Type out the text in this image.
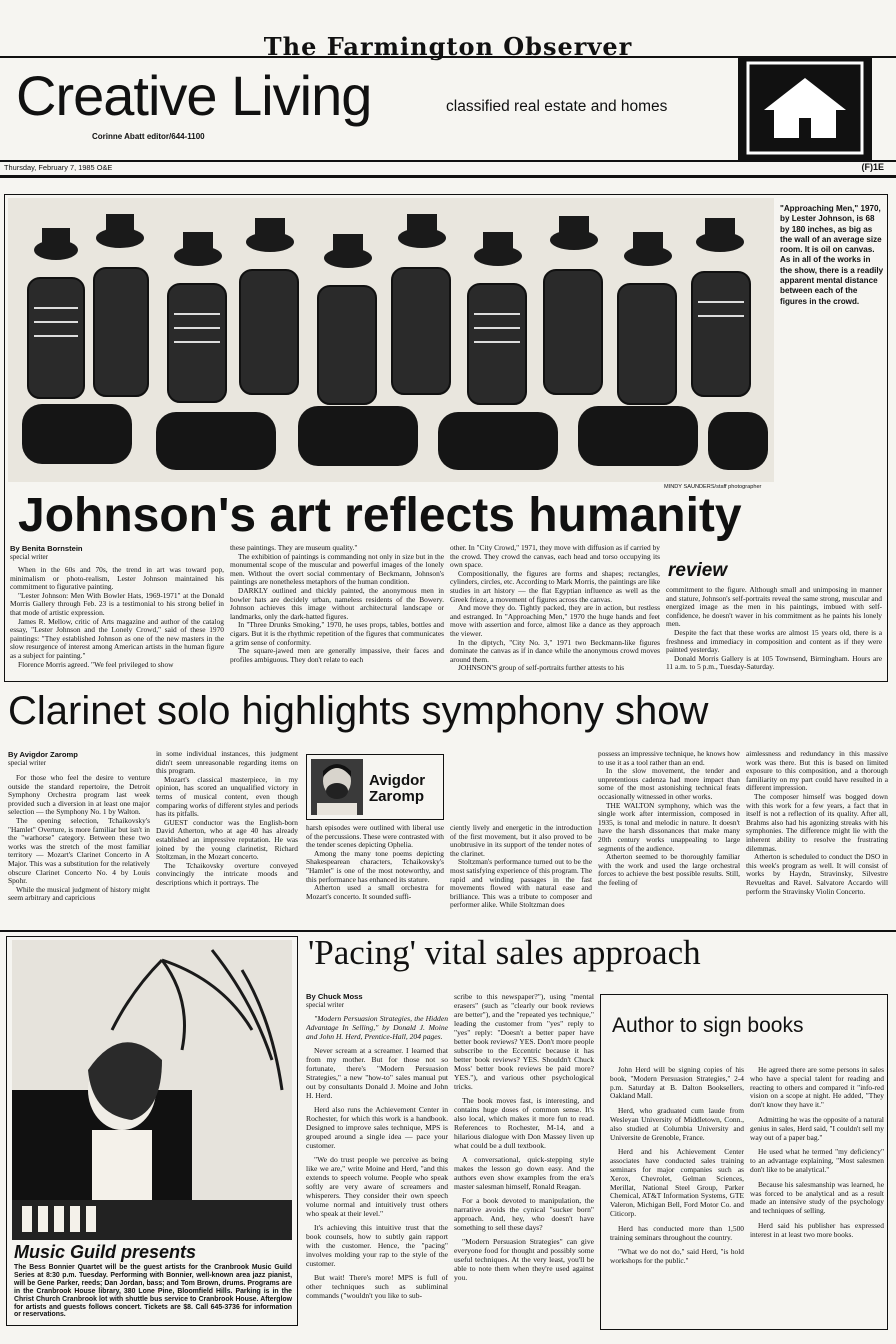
The Farmington Observer
Creative Living	classified real estate and homes
Corinne Abatt editor/644-1100
Thursday, February 7, 1985 O&E	(F)1E
"Approaching Men," 1970, by Lester Johnson, is 68 by 180 inches, as big as the wall of an average size room. It is oil on canvas. As in all of the works in the show, there is a readily apparent mental distance between each of the figures in the crowd.
MINDY SAUNDERS/staff photographer
Johnson's art reflects humanity
By Benita Bornstein
special writer

When in the 60s and 70s, the trend in art was toward pop, minimalism or photo-realism, Lester Johnson maintained his commitment to figurative painting.

"Lester Johnson: Men With Bowler Hats, 1969-1971" at the Donald Morris Gallery through Feb. 23 is a testimonial to his strong belief in that mode of artistic expression.

James R. Mellow, critic of Arts magazine and author of the catalog essay, "Lester Johnson and the Lonely Crowd," said of these 1970 paintings: "They established Johnson as one of the new masters in the slow resurgence of interest among American artists in the human figure as a subject for painting."

Florence Morris agreed. "We feel privileged to show

these paintings. They are museum quality."

The exhibition of paintings is commanding not only in size but in the monumental scope of the muscular and powerful images of the lonely men. Without the overt social commentary of Beckmann, Johnson's paintings are nonetheless metaphors of the human condition.

DARKLY outlined and thickly painted, the anonymous men in bowler hats are decidely urban, nameless residents of the Bowery. Johnson achieves this image without architectural landscape or landmarks, only the dark-hatted figures.

In "Three Drunks Smoking," 1970, he uses props, tables, bottles and cigars. But it is the rhythmic repetition of the figures that communicates a grim sense of conformity.

The square-jawed men are generally impassive, their faces and profiles ambiguous. They don't relate to each

other. In "City Crowd," 1971, they move with diffusion as if carried by the crowd. They crowd the canvas, each head and torso occupying its own space.

Compositionally, the figures are forms and shapes; rectangles, cylinders, circles, etc. According to Mark Morris, the paintings are like studies in art history — the flat Egyptian influence as well as the Greek frieze, a movement of figures across the canvas.

And move they do. Tightly packed, they are in action, but restless and estranged. In "Approaching Men," 1970 the huge hands and feet move with assertion and force, almost like a dance as they approach the viewer.

In the diptych, "City No. 3," 1971 two Beckmann-like figures dominate the canvas as if in dance while the anonymous crowd moves around them.

JOHNSON'S group of self-portraits further attests to his

review

commitment to the figure. Although small and unimposing in manner and stature, Johnson's self-portraits reveal the same strong, muscular and energized image as the men in his paintings, imbued with self-confidence, he doesn't waver in his commitment as he paints his lonely men.

Despite the fact that these works are almost 15 years old, there is a freshness and immediacy in composition and content as if they were painted yesterday.

Donald Morris Gallery is at 105 Townsend, Birmingham. Hours are 11 a.m. to 5 p.m., Tuesday-Saturday.

Clarinet solo highlights symphony show
By Avigdor Zaromp
special writer

For those who feel the desire to venture outside the standard repertoire, the Detroit Symphony Orchestra program last week provided such a diversion in at least one major selection — the Symphony No. 1 by Walton.

The opening selection, Tchaikovsky's "Hamlet" Overture, is more familiar but isn't in the "warhorse" category. Between these two works was the stretch of the most familiar territory — Mozart's Clarinet Concerto in A Major. This was a substitution for the relatively obscure Clarinet Concerto No. 4 by Louis Spohr.

While the musical judgment of history might seem arbitrary and capricious

in some individual instances, this judgment didn't seem unreasonable regarding items on this program.

Mozart's classical masterpiece, in my opinion, has scored an unqualified victory in terms of musical content, even though comparing works of different styles and periods has its pitfalls.

GUEST conductor was the English-born David Atherton, who at age 40 has already established an impressive reputation. He was joined by the young clarinetist, Richard Stoltzman, in the Mozart concerto.

The Tchaikovsky overture conveyed convincingly the intricate moods and descriptions which it portrays. The

Avigdor Zaromp

harsh episodes were outlined with liberal use of the percussions. These were contrasted with the tender scenes depicting Ophelia.

Among the many tone poems depicting Shakespearean characters, Tchaikovsky's "Hamlet" is one of the most noteworthy, and this performance has enhanced its stature.

Atherton used a small orchestra for Mozart's concerto. It sounded suffi-

ciently lively and energetic in the introduction of the first movement, but it also proved to be unobtrusive in its support of the tender notes of the clarinet.

Stoltzman's performance turned out to be the most satisfying experience of this program. The rapid and winding passages in the fast movements flowed with natural ease and brilliance. This was a tribute to composer and performer alike. While Stoltzman does

possess an impressive technique, he knows how to use it as a tool rather than an end.

In the slow movement, the tender and unpretentious cadenza had more impact than some of the most astonishing technical feats occasionally witnessed in other works.

THE WALTON symphony, which was the single work after intermission, composed in 1935, is tonal and melodic in nature. It doesn't have the harsh dissonances that make many 20th century works unappealing to large segments of the audience.

Atherton seemed to be thoroughly familiar with the work and used the large orchestral forces to achieve the best possible results. Still, the feeling of

aimlessness and redundancy in this massive work was there. But this is based on limited exposure to this composition, and a thorough familiarity on my part could have resulted in a different impression.

The composer himself was bogged down with this work for a few years, a fact that in itself is not a reflection of its quality. After all, Brahms also had his agonizing streaks with his symphonies. The difference might lie with the inherent ability to resolve the frustrating dilemmas.

Atherton is scheduled to conduct the DSO in this week's program as well. It will consist of works by Haydn, Stravinsky, Silvestre Revueltas and Ravel. Salvatore Accardo will perform the Stravinsky Violin Concerto.

Music Guild presents
The Bess Bonnier Quartet will be the guest artists for the Cranbrook Music Guild Series at 8:30 p.m. Tuesday. Performing with Bonnier, well-known area jazz pianist, will be Gene Parker, reeds; Dan Jordan, bass; and Tom Brown, drums. Programs are in the Cranbrook House library, 380 Lone Pine, Bloomfield Hills. Parking is in the Christ Church Cranbrook lot with shuttle bus service to Cranbrook House. Afterglow for artists and guests follows concert. Tickets are $8. Call 645-3736 for information or reservations.
'Pacing' vital sales approach
By Chuck Moss
special writer

"Modern Persuasion Strategies, the Hidden Advantage In Selling," by Donald J. Moine and John H. Herd, Prentice-Hall, 204 pages.

Never scream at a screamer. I learned that from my mother. But for those not so fortunate, there's "Modern Persuasion Strategies," a new "how-to" sales manual put out by consultants Donald J. Moine and John H. Herd.

Herd also runs the Achievement Center in Rochester, for which this work is a handbook. Designed to improve sales technique, MPS is grouped around a single idea — pace your customer.

"We do trust people we perceive as being like we are," write Moine and Herd, "and this extends to speech volume. People who speak softly are very aware of screamers and whisperers. They consider their own speech volume normal and intuitively trust others who speak at their level."

It's achieving this intuitive trust that the book counsels, how to subtly gain rapport with the customer. Hence, the "pacing" involves molding your rap to the style of the customer.

But wait! There's more! MPS is full of other techniques such as subliminal commands ("wouldn't you like to sub-

scribe to this newspaper?"), using "mental erasers" (such as "clearly our book reviews are better"), and the "repeated yes technique," leading the customer from "yes" reply to "yes" reply: "Doesn't a better paper have better book reviews? YES. Don't more people subscribe to the Eccentric because it has better book reviews? YES. Shouldn't Chuck Moss' better book reviews be paid more? YES."), and various other psychological tricks.

The book moves fast, is interesting, and contains huge doses of common sense. It's also local, which makes it more fun to read. References to Rochester, M-14, and a hilarious dialogue with Don Massey liven up what could be a dull textbook.

A conversational, quick-stepping style makes the lesson go down easy. And the authors even show examples from the era's master salesman himself, Ronald Reagan.

For a book devoted to manipulation, the narrative avoids the cynical "sucker born" approach. And, hey, who doesn't have something to sell these days?

"Modern Persuasion Strategies" can give everyone food for thought and possibly some useful techniques. At the very least, you'll be able to note them when they're used against you.

Author to sign books

John Herd will be signing copies of his book, "Modern Persuasion Strategies," 2-4 p.m. Saturday at B. Dalton Booksellers, Oakland Mall.

Herd, who graduated cum laude from Wesleyan University of Middletown, Conn., also studied at Columbia University and Universite de Grenoble, France.

Herd and his Achievement Center associates have conducted sales training seminars for major companies such as Xerox, Chevrolet, Gelman Sciences, Merillat, National Steel Group, Parker Chemical, AT&T Information Systems, GTE Valeron, Michigan Bell, Ford Motor Co. and Citicorp.

Herd has conducted more than 1,500 training seminars throughout the country.

"What we do not do," said Herd, "is hold workshops for the public."

He agreed there are some persons in sales who have a special talent for reading and reacting to others and compared it "info-red vision on a scope at night. He added, "They don't know they have it."

Admitting he was the opposite of a natural genius in sales, Herd said, "I couldn't sell my way out of a paper bag."

He used what he termed "my deficiency" to an advantage explaining, "Most salesmen don't like to be analytical."

Because his salesmanship was learned, he was forced to be analytical and as a result made an intensive study of the psychology and techniques of selling.

Herd said his publisher has expressed interest in at least two more books.
